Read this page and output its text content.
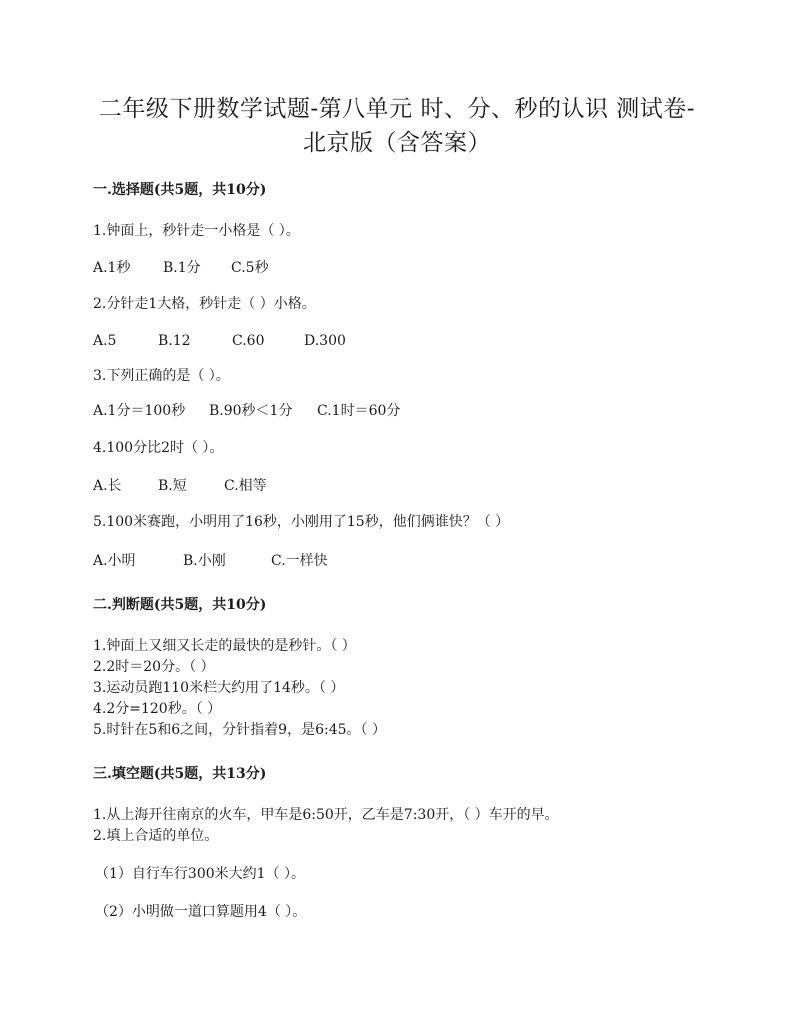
二年级下册数学试题-第八单元 时、分、秒的认识 测试卷-
北京版（含答案）
一.选择题(共5题，共10分)
1.钟面上，秒针走一小格是（ ）。
A.1秒 B.1分 C.5秒
2.分针走1大格，秒针走（ ）小格。
A.5	B.12	C.60	D.300
3.下列正确的是（ ）。
A.1分＝100秒 B.90秒＜1分 C.1时＝60分
4.100分比2时（ ）。
A.长	B.短	C.相等
5.100米赛跑，小明用了16秒，小刚用了15秒，他们俩谁快？（ ）
A.小明	B.小刚	C.一样快
二.判断题(共5题，共10分)
1.钟面上又细又长走的最快的是秒针。（ ）
2.2时＝20分。（ ）
3.运动员跑110米栏大约用了14秒。（ ）
4.2分=120秒。（ ）
5.时针在5和6之间，分针指着9，是6:45。（ ）
三.填空题(共5题，共13分)
1.从上海开往南京的火车，甲车是6:50开，乙车是7:30开，（ ）车开的早。
2.填上合适的单位。
（1）自行车行300米大约1（ ）。
（2）小明做一道口算题用4（ ）。
